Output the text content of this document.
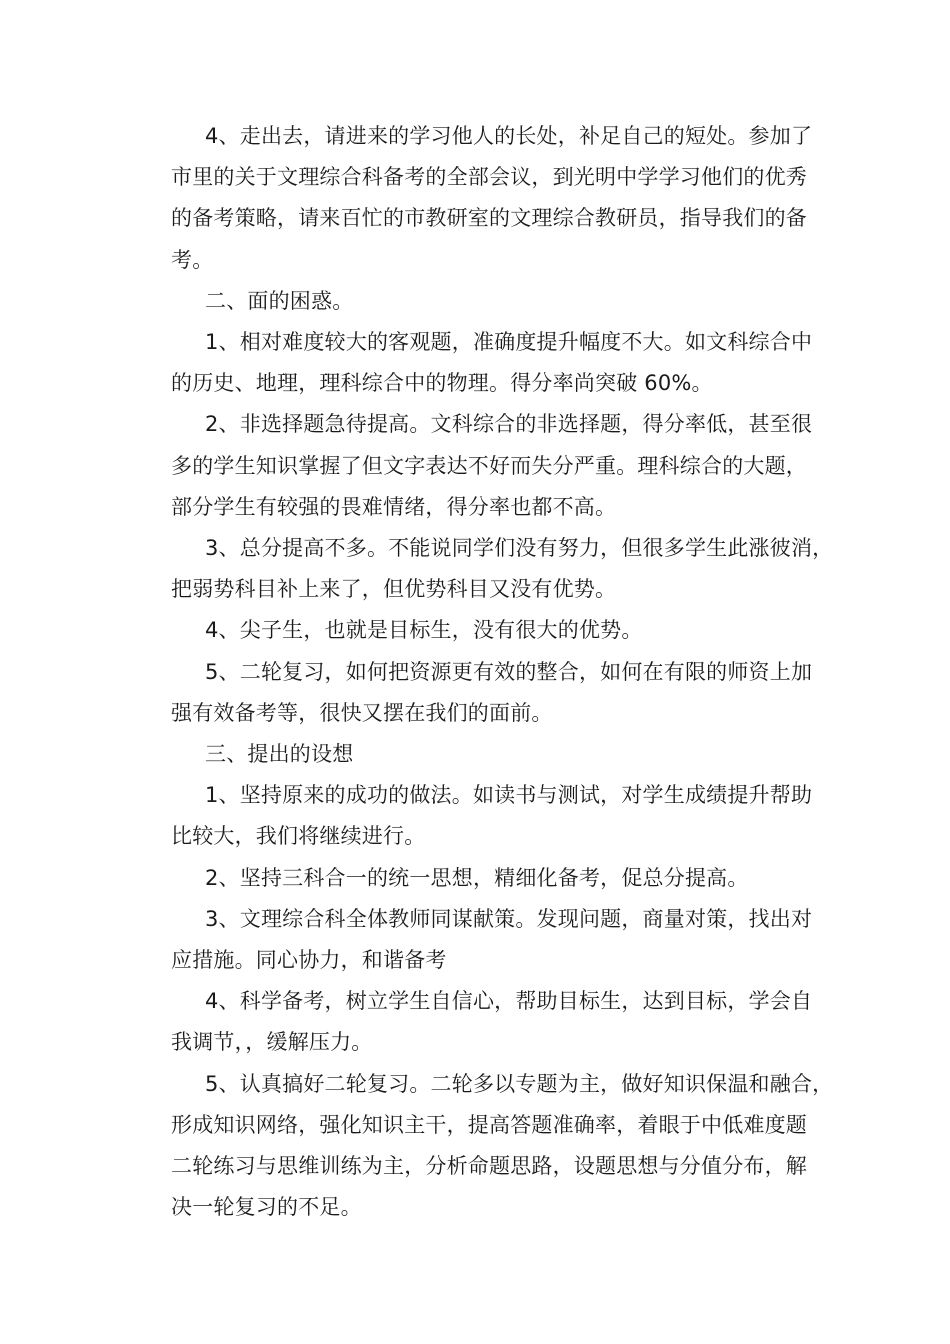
4、走出去，请进来的学习他人的长处，补足自己的短处。参加了
市里的关于文理综合科备考的全部会议，到光明中学学习他们的优秀
的备考策略，请来百忙的市教研室的文理综合教研员，指导我们的备
考。
二、面的困惑。
1、相对难度较大的客观题，准确度提升幅度不大。如文科综合中
的历史、地理，理科综合中的物理。得分率尚突破 60%。
2、非选择题急待提高。文科综合的非选择题，得分率低，甚至很
多的学生知识掌握了但文字表达不好而失分严重。理科综合的大题，
部分学生有较强的畏难情绪，得分率也都不高。
3、总分提高不多。不能说同学们没有努力，但很多学生此涨彼消，
把弱势科目补上来了，但优势科目又没有优势。
4、尖子生，也就是目标生，没有很大的优势。
5、二轮复习，如何把资源更有效的整合，如何在有限的师资上加
强有效备考等，很快又摆在我们的面前。
三、提出的设想
1、坚持原来的成功的做法。如读书与测试，对学生成绩提升帮助
比较大，我们将继续进行。
2、坚持三科合一的统一思想，精细化备考，促总分提高。
3、文理综合科全体教师同谋献策。发现问题，商量对策，找出对
应措施。同心协力，和谐备考
4、科学备考，树立学生自信心，帮助目标生，达到目标，学会自
我调节，，缓解压力。
5、认真搞好二轮复习。二轮多以专题为主，做好知识保温和融合，
形成知识网络，强化知识主干，提高答题准确率，着眼于中低难度题
二轮练习与思维训练为主，分析命题思路，设题思想与分值分布，解
决一轮复习的不足。
